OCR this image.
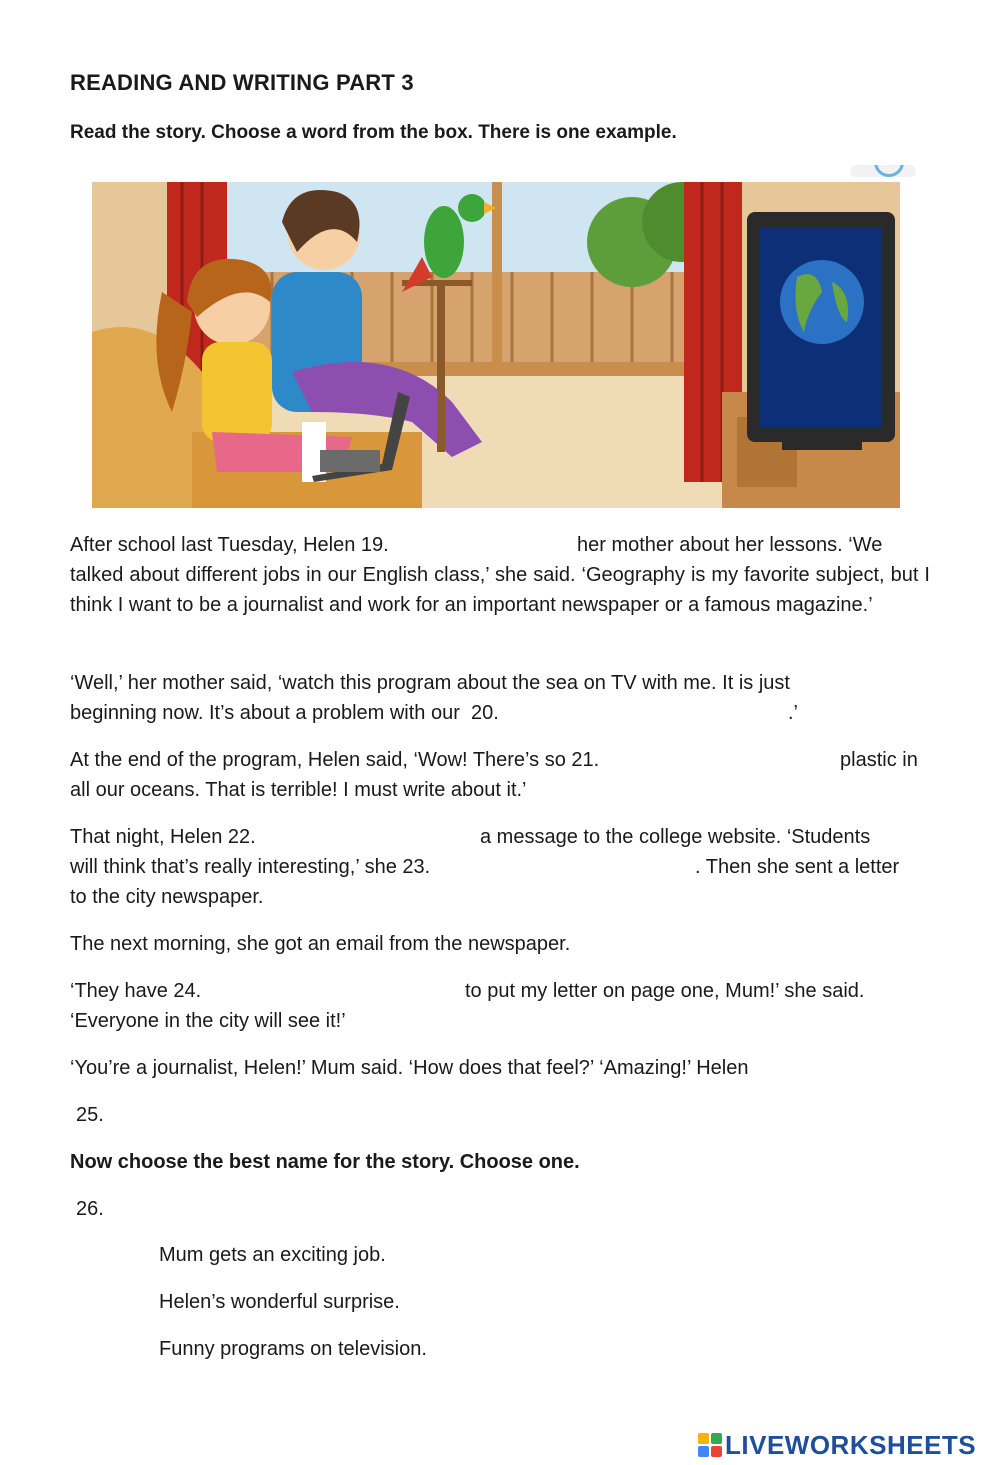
READING AND WRITING PART 3
Read the story. Choose a word from the box. There is one example.
After school last Tuesday, Helen 19.	her mother about her lessons. ‘We

talked about different jobs in our English class,’ she said. ‘Geography is my favorite subject, but I think I want to be a journalist and work for an important newspaper or a famous magazine.’

‘Well,’ her mother said, ‘watch this program about the sea on TV with me. It is just

beginning now. It’s about a problem with our  20.	.’
At the end of the program, Helen said, ‘Wow! There’s so 21.	plastic in
all our oceans. That is terrible! I must write about it.’
That night, Helen 22.	a message to the college website. ‘Students
will think that’s really interesting,’ she 23.	. Then she sent a letter
to the city newspaper.
The next morning, she got an email from the newspaper.
‘They have 24.	to put my letter on page one, Mum!’ she said.
‘Everyone in the city will see it!’

‘You’re a journalist, Helen!’ Mum said. ‘How does that feel?’ ‘Amazing!’ Helen

25.
Now choose the best name for the story. Choose one.
26.
Mum gets an exciting job.
Helen’s wonderful surprise.
Funny programs on television.
LIVEWORKSHEETS
